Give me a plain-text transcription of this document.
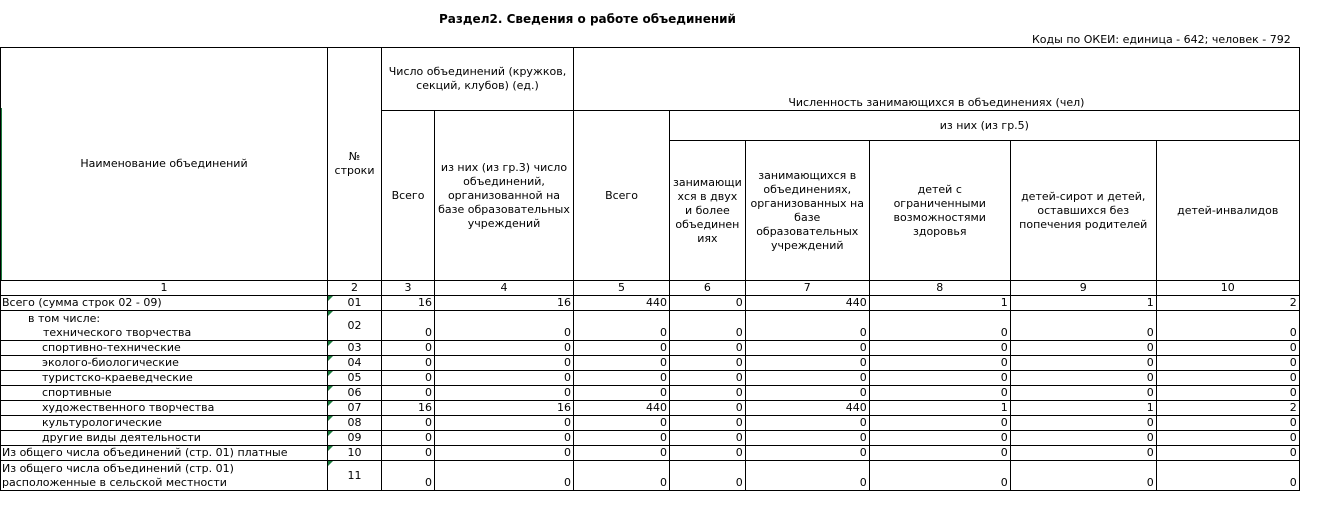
Раздел2. Сведения о работе объединений
Коды по ОКЕИ: единица - 642; человек - 792
Наименование объединений	№ строки	Число объединений (кружков, секций, клубов) (ед.)		Численность занимающихся в объединениях (чел)					
		Всего	из них (из гр.3) число объединений, организованной на базе образовательных учреждений	Всего	из них (из гр.5)				
					занимающи хся в двух и более объединен иях	занимающихся в объединениях, организованных на базе образовательных учреждений	детей с ограниченными возможностями здоровья	детей-сирот и детей, оставшихся без попечения родителей	детей-инвалидов
1	2	3	4	5	6	7	8	9	10
Всего (сумма строк 02 - 09)	01	16	16	440	0	440	1	1	2

в том числе:
технического творчества	02	0	0	0	0	0	0	0	0
спортивно-технические	03	0	0	0	0	0	0	0	0
эколого-биологические	04	0	0	0	0	0	0	0	0
туристско-краеведческие	05	0	0	0	0	0	0	0	0
спортивные	06	0	0	0	0	0	0	0	0
художественного творчества	07	16	16	440	0	440	1	1	2
культурологические	08	0	0	0	0	0	0	0	0
другие виды деятельности	09	0	0	0	0	0	0	0	0
Из общего числа объединений (стр. 01) платные	10	0	0	0	0	0	0	0	0

Из общего числа объединений (стр. 01)
расположенные в сельской местности	11	0	0	0	0	0	0	0	0
